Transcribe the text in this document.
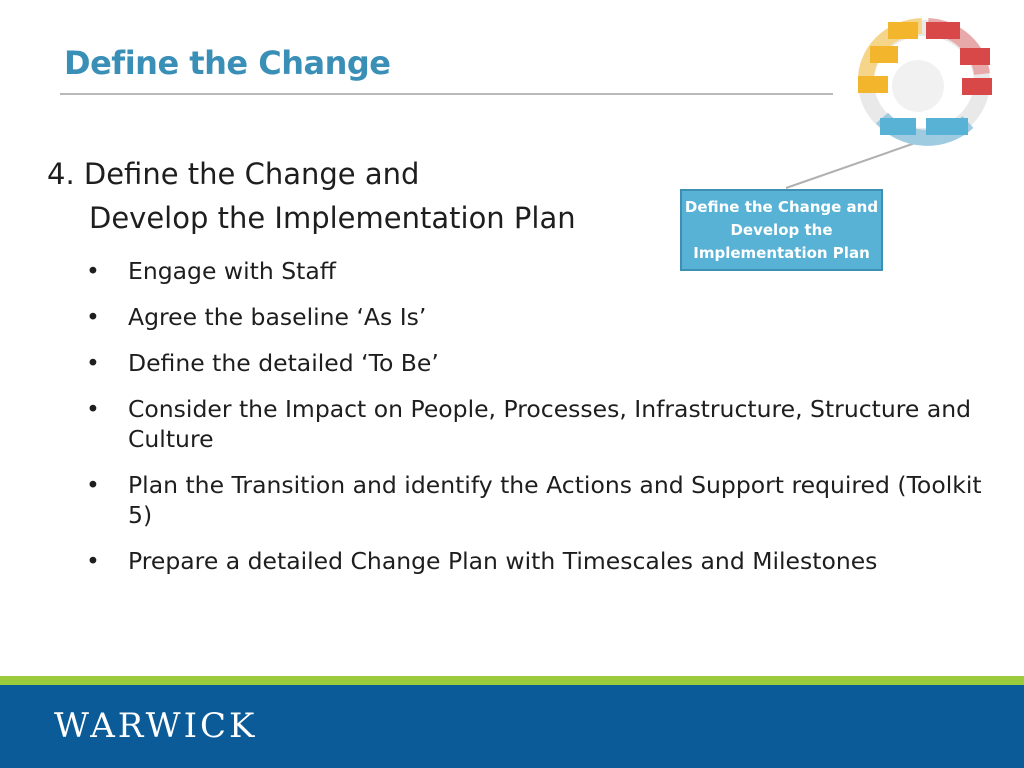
Define the Change
4. Define the Change and
Develop the Implementation Plan
• Engage with Staff
• Agree the baseline ‘As Is’
• Define the detailed ‘To Be’
• Consider the Impact on People, Processes, Infrastructure, Structure and Culture
• Plan the Transition and identify the Actions and Support required (Toolkit 5)
• Prepare a detailed Change Plan with Timescales and Milestones
Define the Change and Develop the Implementation Plan
WARWICK
